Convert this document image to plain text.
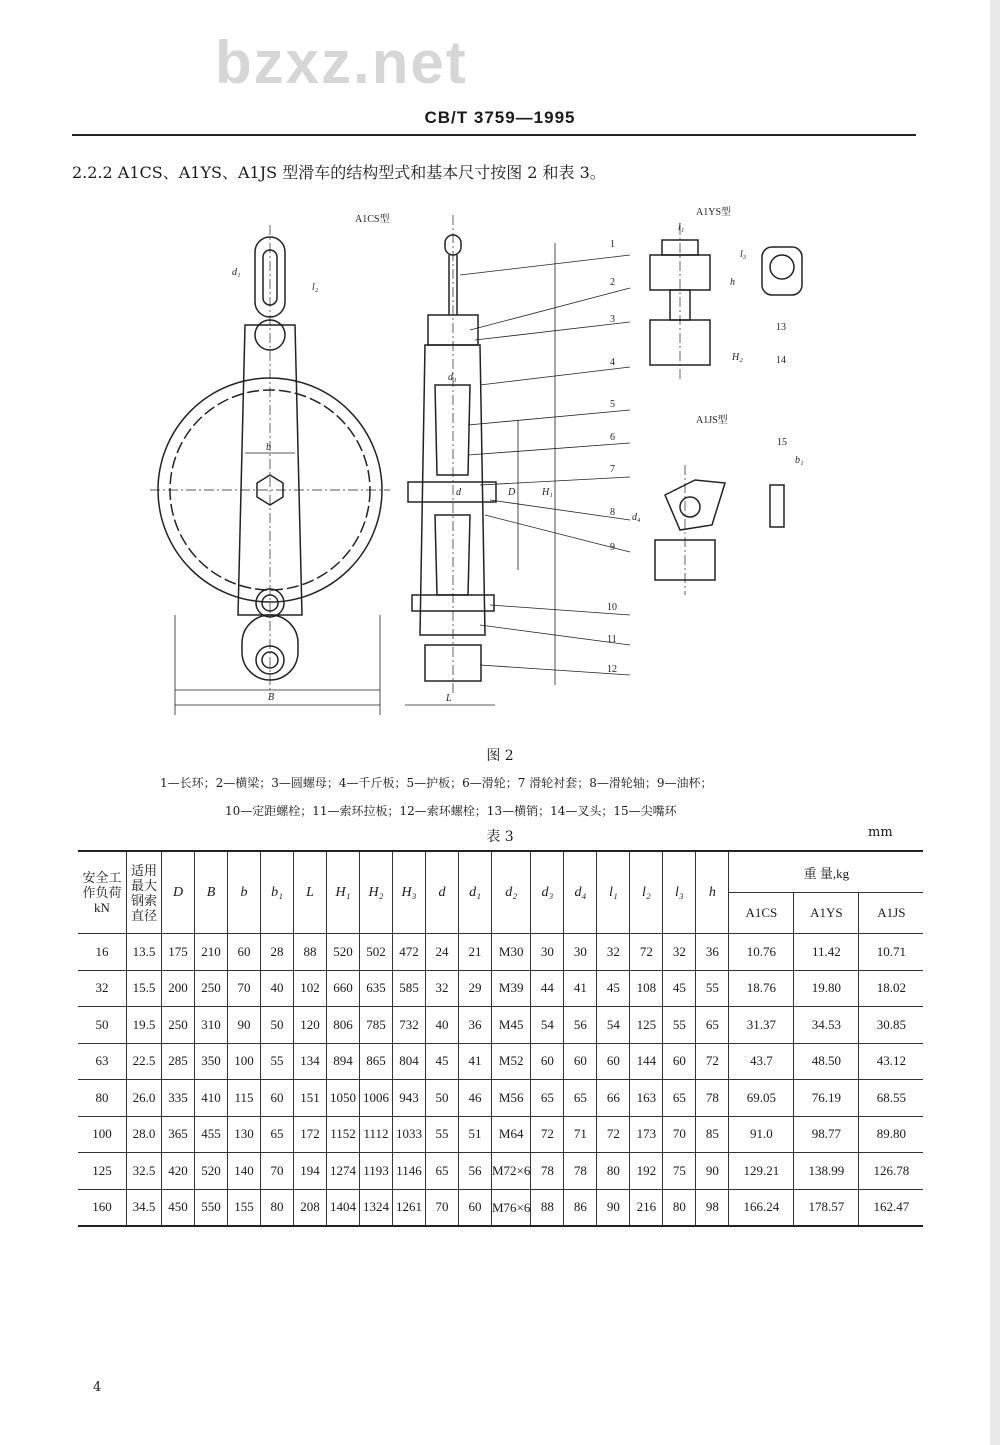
bzxz.net
CB/T 3759—1995
2.2.2 A1CS、A1YS、A1JS 型滑车的结构型式和基本尺寸按图 2 和表 3。
A1CS型
A1YS型
A1JS型
1
2
3
4
5
6
7
8
9
10
11
12
13
14
15
d₁
l₂
b
B	L
D	H₁
d
d₃
l₁
H₂
d₄
b₁
h
l₃
图 2
1—长环；2—横梁；3—圆螺母；4—千斤板；5—护板；6—滑轮；7 滑轮衬套；8—滑轮轴；9—油杯；
10—定距螺栓；11—索环拉板；12—索环螺栓；13—横销；14—叉头；15—尖嘴环
表 3	mm
安全工作负荷 kN	适用最大钢索直径	D	B	b	b₁	L	H₁	H₂	H₃	d	d₁	d₂	d₃	d₄	l₁	l₂	l₃	h	重 量,kg		
																			A1CS	A1YS	A1JS
16	13.5	175	210	60	28	88	520	502	472	24	21	M30	30	30	32	72	32	36	10.76	11.42	10.71
32	15.5	200	250	70	40	102	660	635	585	32	29	M39	44	41	45	108	45	55	18.76	19.80	18.02
50	19.5	250	310	90	50	120	806	785	732	40	36	M45	54	56	54	125	55	65	31.37	34.53	30.85
63	22.5	285	350	100	55	134	894	865	804	45	41	M52	60	60	60	144	60	72	43.7	48.50	43.12
80	26.0	335	410	115	60	151	1050	1006	943	50	46	M56	65	65	66	163	65	78	69.05	76.19	68.55
100	28.0	365	455	130	65	172	1152	1112	1033	55	51	M64	72	71	72	173	70	85	91.0	98.77	89.80
125	32.5	420	520	140	70	194	1274	1193	1146	65	56	M72×6	78	78	80	192	75	90	129.21	138.99	126.78
160	34.5	450	550	155	80	208	1404	1324	1261	70	60	M76×6	88	86	90	216	80	98	166.24	178.57	162.47
4
